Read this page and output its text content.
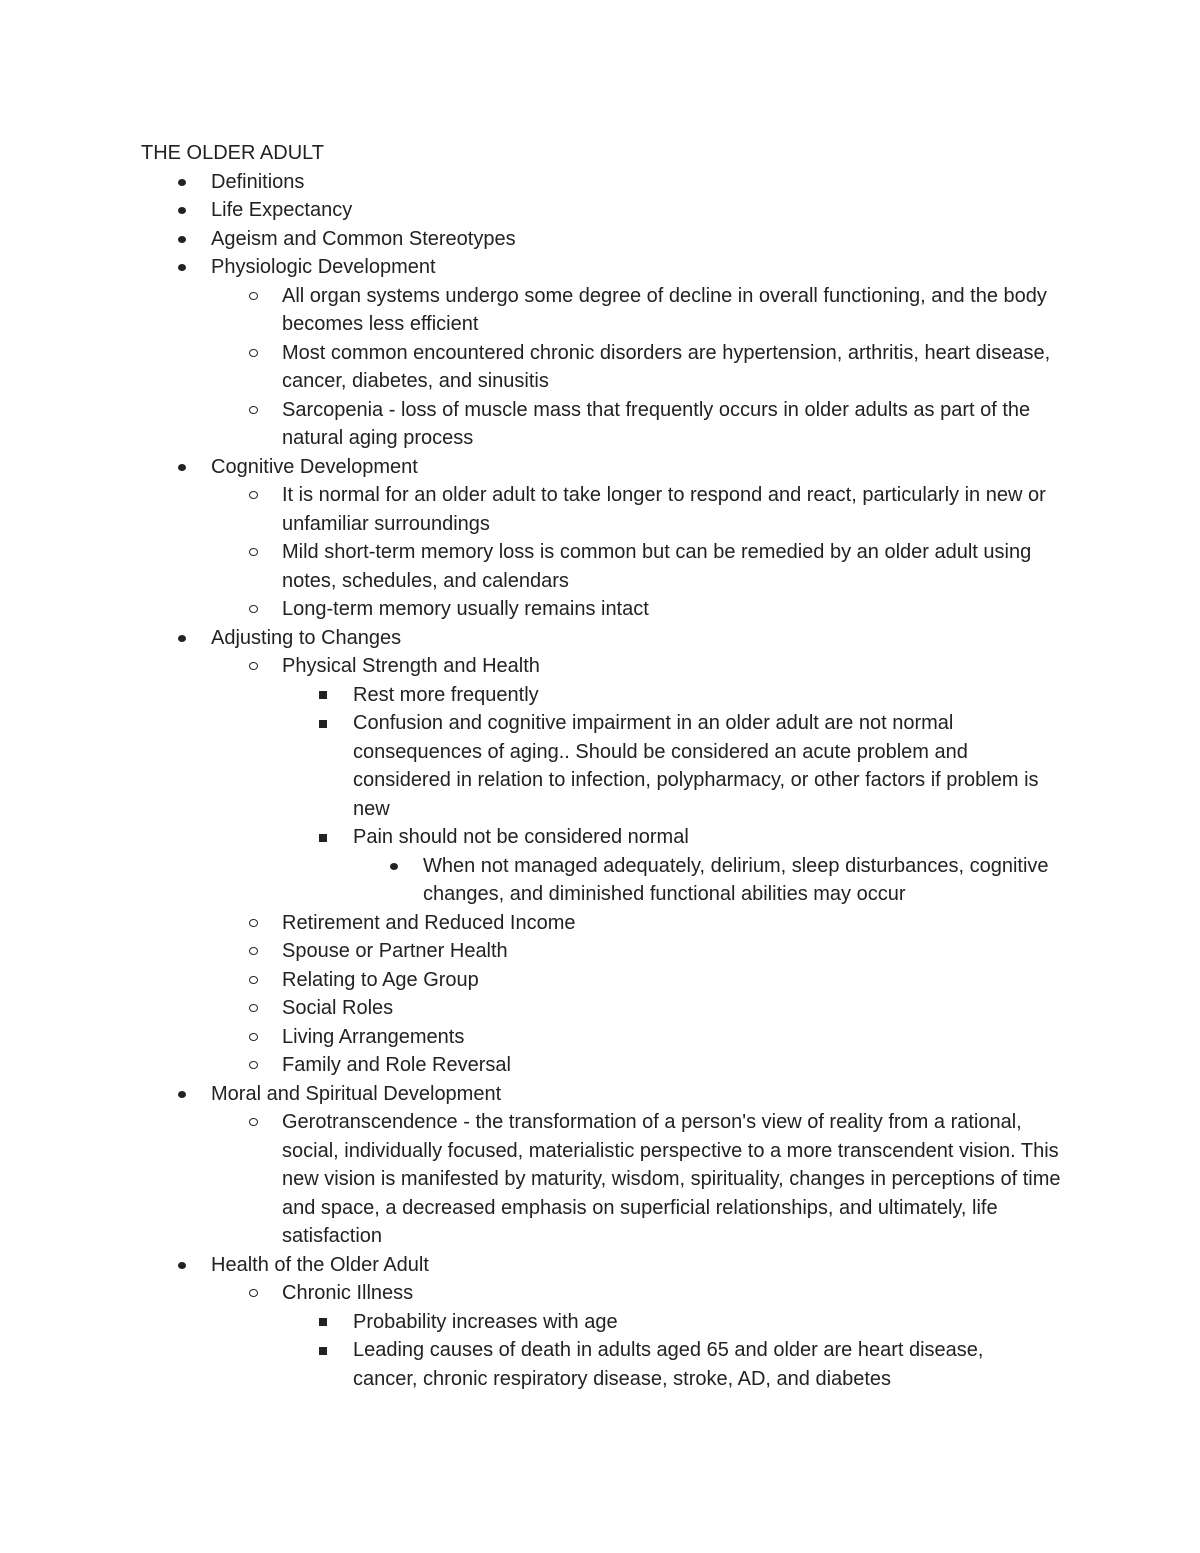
THE OLDER ADULT
Definitions
Life Expectancy
Ageism and Common Stereotypes
Physiologic Development
All organ systems undergo some degree of decline in overall functioning, and the body becomes less efficient
Most common encountered chronic disorders are hypertension, arthritis, heart disease, cancer, diabetes, and sinusitis
Sarcopenia - loss of muscle mass that frequently occurs in older adults as part of the natural aging process
Cognitive Development
It is normal for an older adult to take longer to respond and react, particularly in new or unfamiliar surroundings
Mild short-term memory loss is common but can be remedied by an older adult using notes, schedules, and calendars
Long-term memory usually remains intact
Adjusting to Changes
Physical Strength and Health
Rest more frequently
Confusion and cognitive impairment in an older adult are not normal consequences of aging.. Should be considered an acute problem and considered in relation to infection, polypharmacy, or other factors if problem is new
Pain should not be considered normal
When not managed adequately, delirium, sleep disturbances, cognitive changes, and diminished functional abilities may occur
Retirement and Reduced Income
Spouse or Partner Health
Relating to Age Group
Social Roles
Living Arrangements
Family and Role Reversal
Moral and Spiritual Development
Gerotranscendence - the transformation of a person's view of reality from a rational, social, individually focused, materialistic perspective to a more transcendent vision. This new vision is manifested by maturity, wisdom, spirituality, changes in perceptions of time and space, a decreased emphasis on superficial relationships, and ultimately, life satisfaction
Health of the Older Adult
Chronic Illness
Probability increases with age
Leading causes of death in adults aged 65 and older are heart disease, cancer, chronic respiratory disease, stroke, AD, and diabetes
